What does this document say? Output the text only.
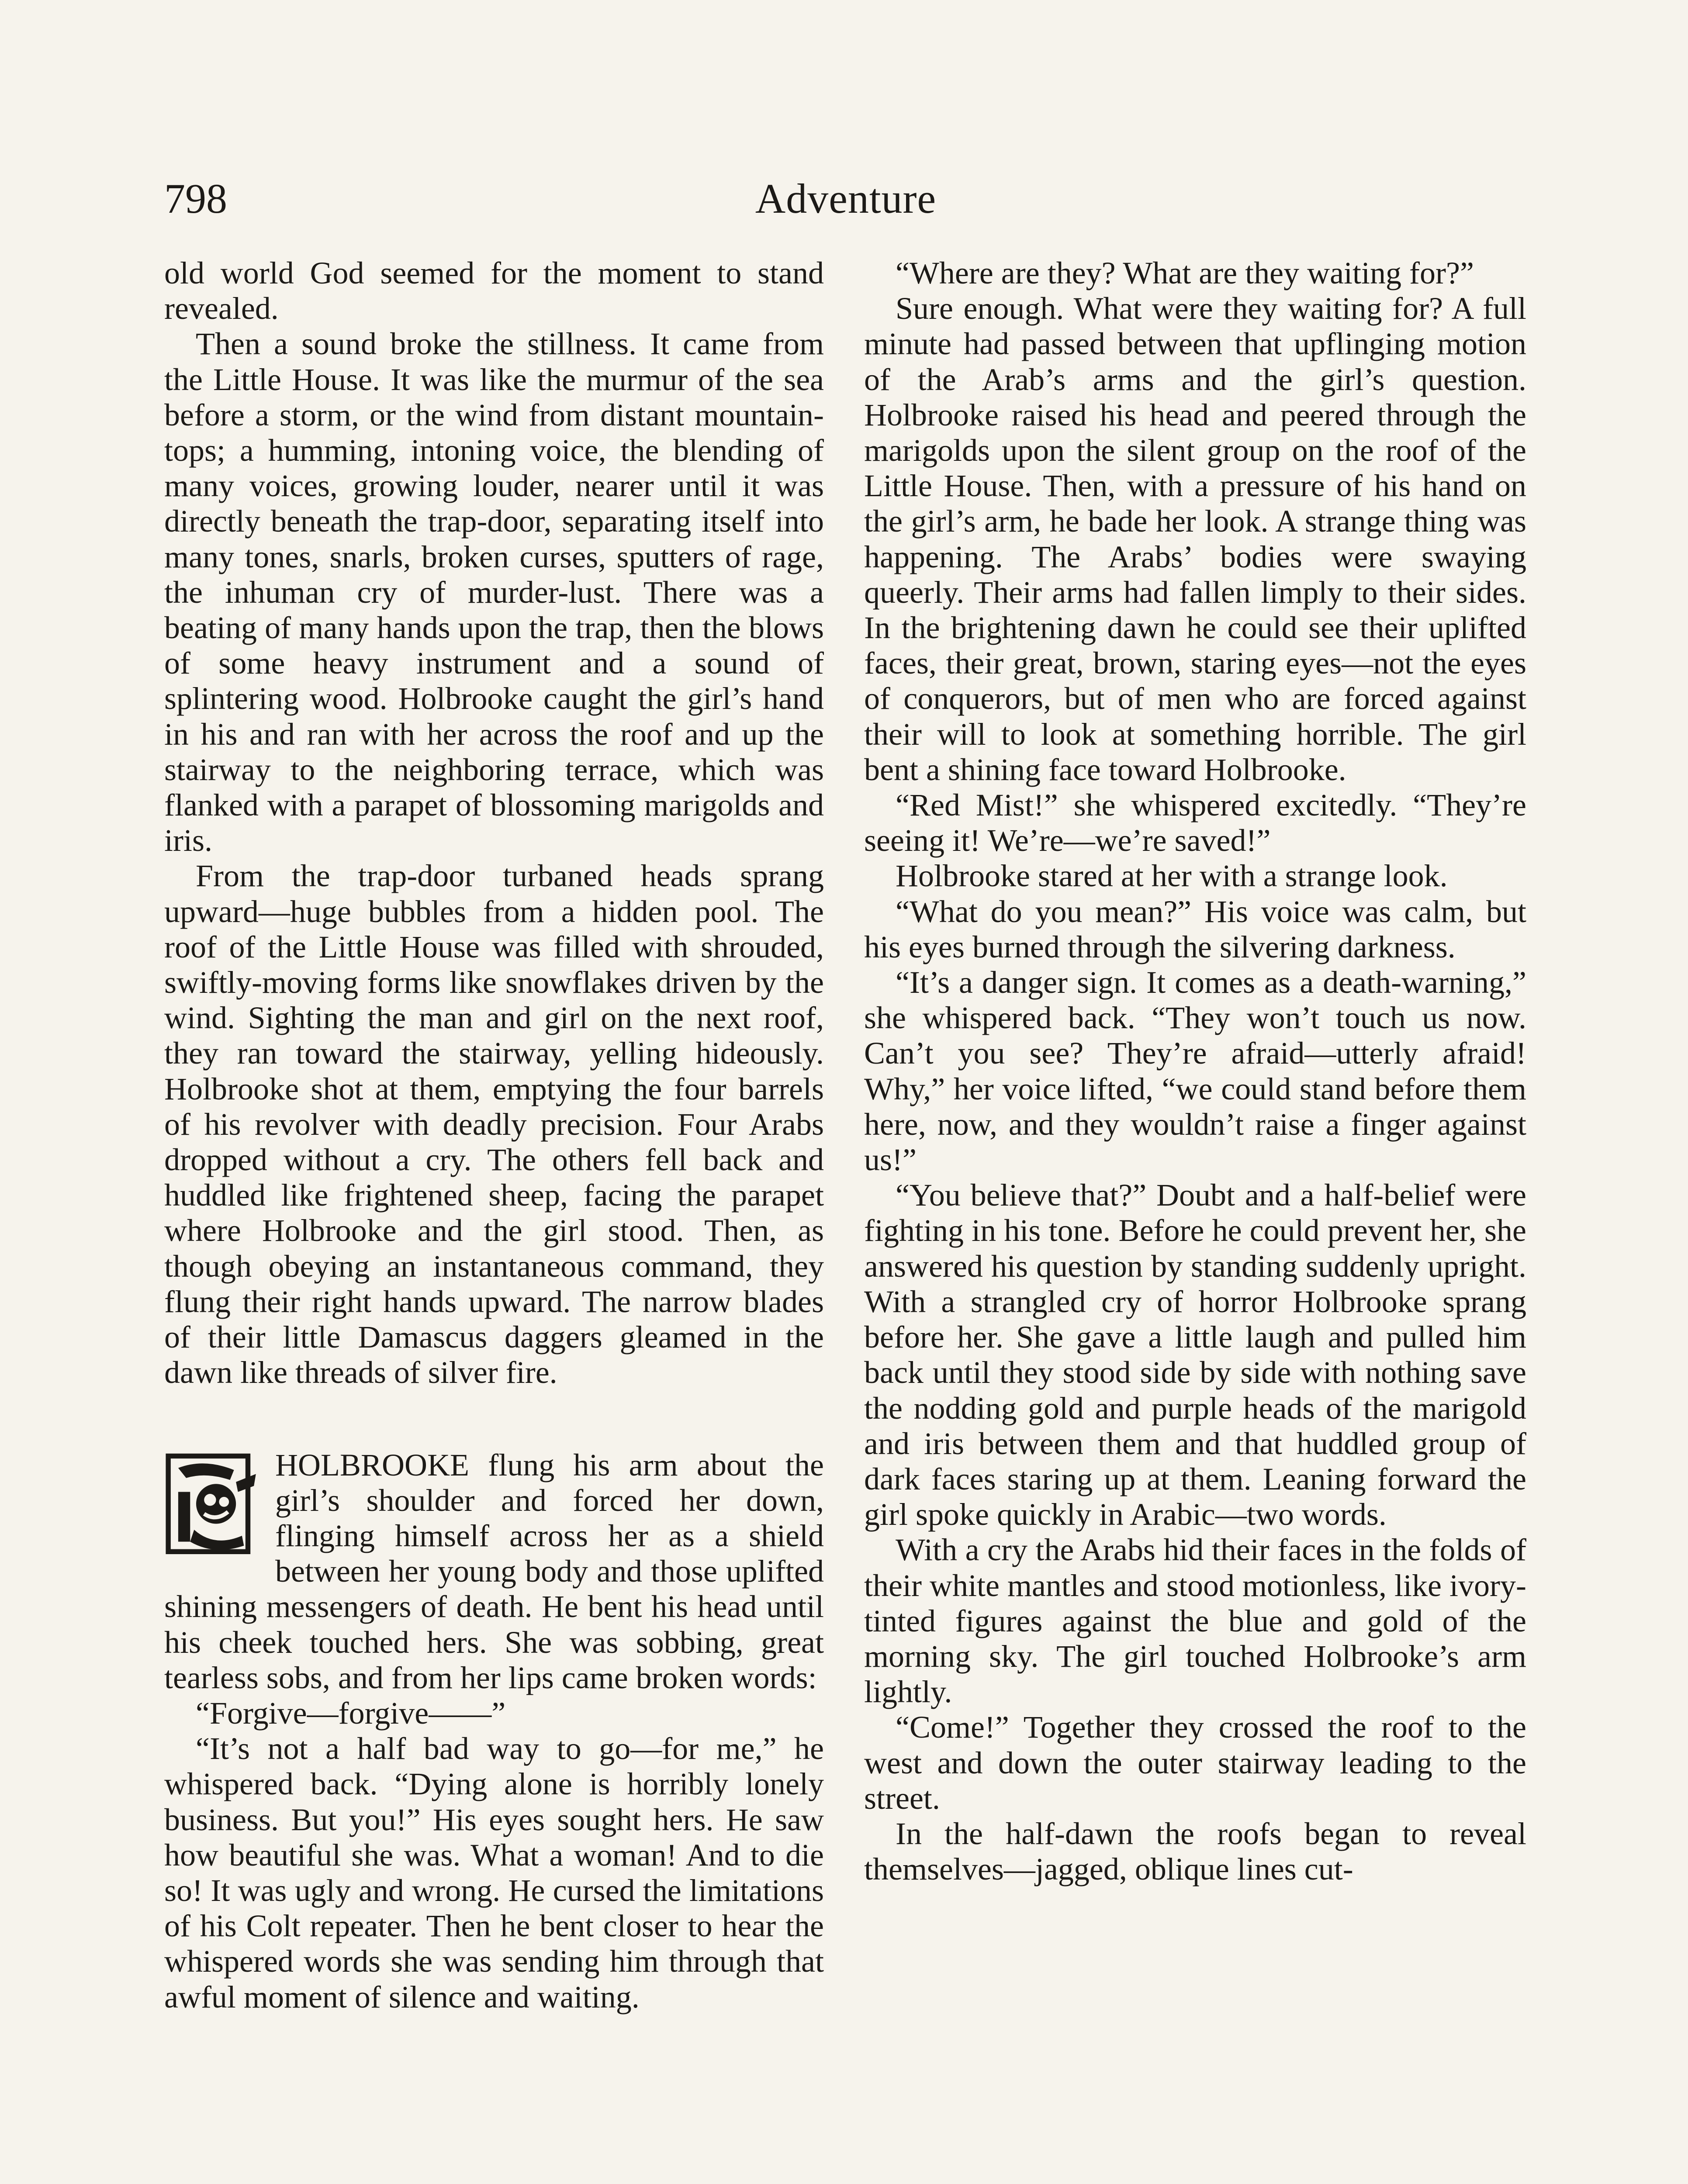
798	Adventure

old world God seemed for the moment to stand revealed.

Then a sound broke the stillness. It came from the Little House. It was like the murmur of the sea before a storm, or the wind from distant mountain-tops; a humming, intoning voice, the blending of many voices, growing louder, nearer until it was directly beneath the trap-door, separating itself into many tones, snarls, broken curses, sputters of rage, the inhuman cry of murder-lust. There was a beating of many hands upon the trap, then the blows of some heavy instrument and a sound of splintering wood. Holbrooke caught the girl’s hand in his and ran with her across the roof and up the stairway to the neighboring terrace, which was flanked with a parapet of blossoming marigolds and iris.

From the trap-door turbaned heads sprang upward—huge bubbles from a hidden pool. The roof of the Little House was filled with shrouded, swiftly-moving forms like snowflakes driven by the wind. Sighting the man and girl on the next roof, they ran toward the stairway, yelling hideously. Holbrooke shot at them, emptying the four barrels of his revolver with deadly precision. Four Arabs dropped without a cry. The others fell back and huddled like frightened sheep, facing the parapet where Holbrooke and the girl stood. Then, as though obeying an instantaneous command, they flung their right hands upward. The narrow blades of their little Damascus daggers gleamed in the dawn like threads of silver fire.

HOLBROOKE flung his arm about the girl’s shoulder and forced her down, flinging himself across her as a shield between her young body and those uplifted shining messengers of death. He bent his head until his cheek touched hers. She was sobbing, great tearless sobs, and from her lips came broken words:

“Forgive—forgive——”

“It’s not a half bad way to go—for me,” he whispered back. “Dying alone is horribly lonely business. But you!” His eyes sought hers. He saw how beautiful she was. What a woman! And to die so! It was ugly and wrong. He cursed the limitations of his Colt repeater. Then he bent closer to hear the whispered words she was sending him through that awful moment of silence and waiting.

“Where are they? What are they waiting for?”

Sure enough. What were they waiting for? A full minute had passed between that upflinging motion of the Arab’s arms and the girl’s question. Holbrooke raised his head and peered through the marigolds upon the silent group on the roof of the Little House. Then, with a pressure of his hand on the girl’s arm, he bade her look. A strange thing was happening. The Arabs’ bodies were swaying queerly. Their arms had fallen limply to their sides. In the brightening dawn he could see their uplifted faces, their great, brown, staring eyes—not the eyes of conquerors, but of men who are forced against their will to look at something horrible. The girl bent a shining face toward Holbrooke.

“Red Mist!” she whispered excitedly. “They’re seeing it! We’re—we’re saved!”

Holbrooke stared at her with a strange look.

“What do you mean?” His voice was calm, but his eyes burned through the silvering darkness.

“It’s a danger sign. It comes as a death-warning,” she whispered back. “They won’t touch us now. Can’t you see? They’re afraid—utterly afraid! Why,” her voice lifted, “we could stand before them here, now, and they wouldn’t raise a finger against us!”

“You believe that?” Doubt and a half-belief were fighting in his tone. Before he could prevent her, she answered his question by standing suddenly upright. With a strangled cry of horror Holbrooke sprang before her. She gave a little laugh and pulled him back until they stood side by side with nothing save the nodding gold and purple heads of the marigold and iris between them and that huddled group of dark faces staring up at them. Leaning forward the girl spoke quickly in Arabic—two words.

With a cry the Arabs hid their faces in the folds of their white mantles and stood motionless, like ivory-tinted figures against the blue and gold of the morning sky. The girl touched Holbrooke’s arm lightly.

“Come!” Together they crossed the roof to the west and down the outer stairway leading to the street.

In the half-dawn the roofs began to reveal themselves—jagged, oblique lines cut-
